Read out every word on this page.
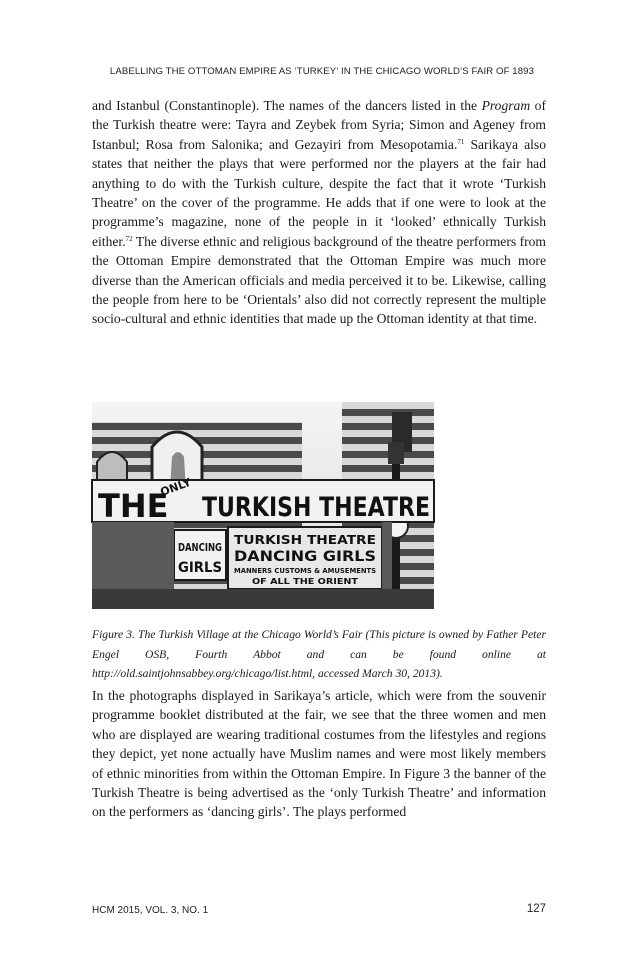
LABELLING THE OTTOMAN EMPIRE AS ‘TURKEY’ IN THE CHICAGO WORLD’S FAIR OF 1893

and Istanbul (Constantinople). The names of the dancers listed in the Program of the Turkish theatre were: Tayra and Zeybek from Syria; Simon and Ageney from Istanbul; Rosa from Salonika; and Gezayiri from Mesopotamia.$^{71}$ Sarikaya also states that neither the plays that were performed nor the players at the fair had anything to do with the Turkish culture, despite the fact that it wrote ‘Turkish Theatre’ on the cover of the programme. He adds that if one were to look at the programme’s magazine, none of the people in it ‘looked’ ethnically Turkish either.$^{72}$ The diverse ethnic and religious background of the theatre performers from the Ottoman Empire demonstrated that the Ottoman Empire was much more diverse than the American officials and media perceived it to be. Likewise, calling the people from here to be ‘Orientals’ also did not correctly represent the multiple socio-cultural and ethnic identities that made up the Ottoman identity at that time.

THE
ONLY
TURKISH THEATRE
DANCING
GIRLS
TURKISH THEATRE
DANCING GIRLS
MANNERS CUSTOMS & AMUSEMENTS
OF ALL THE ORIENT

Figure 3. The Turkish Village at the Chicago World’s Fair (This picture is owned by Father Peter Engel OSB, Fourth Abbot and can be found online at http://old.saintjohnsabbey.org/chicago/list.html, accessed March 30, 2013).

In the photographs displayed in Sarikaya’s article, which were from the souvenir programme booklet distributed at the fair, we see that the three women and men who are displayed are wearing traditional costumes from the lifestyles and regions they depict, yet none actually have Muslim names and were most likely members of ethnic minorities from within the Ottoman Empire. In Figure 3 the banner of the Turkish Theatre is being advertised as the ‘only Turkish Theatre’ and information on the performers as ‘dancing girls’. The plays performed

HCM 2015, VOL. 3, NO. 1	127
